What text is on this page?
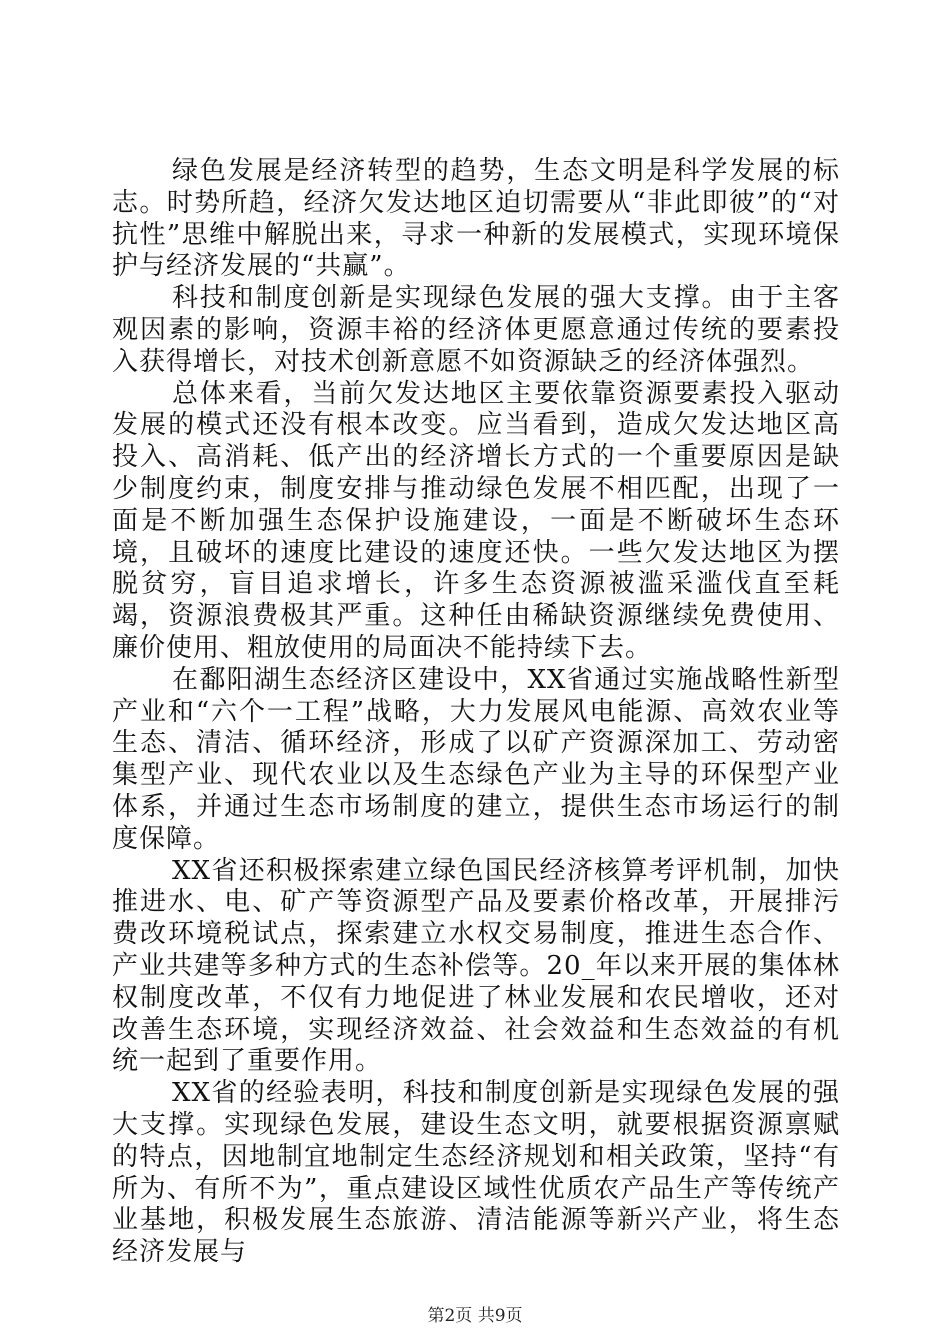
绿色发展是经济转型的趋势，生态文明是科学发展的标志。时势所趋，经济欠发达地区迫切需要从“非此即彼”的“对抗性”思维中解脱出来，寻求一种新的发展模式，实现环境保护与经济发展的“共赢”。

科技和制度创新是实现绿色发展的强大支撑。由于主客观因素的影响，资源丰裕的经济体更愿意通过传统的要素投入获得增长，对技术创新意愿不如资源缺乏的经济体强烈。

总体来看，当前欠发达地区主要依靠资源要素投入驱动发展的模式还没有根本改变。应当看到，造成欠发达地区高投入、高消耗、低产出的经济增长方式的一个重要原因是缺少制度约束，制度安排与推动绿色发展不相匹配，出现了一面是不断加强生态保护设施建设，一面是不断破坏生态环境，且破坏的速度比建设的速度还快。一些欠发达地区为摆脱贫穷，盲目追求增长，许多生态资源被滥采滥伐直至耗竭，资源浪费极其严重。这种任由稀缺资源继续免费使用、廉价使用、粗放使用的局面决不能持续下去。

在鄱阳湖生态经济区建设中，XX省通过实施战略性新型产业和“六个一工程”战略，大力发展风电能源、高效农业等生态、清洁、循环经济，形成了以矿产资源深加工、劳动密集型产业、现代农业以及生态绿色产业为主导的环保型产业体系，并通过生态市场制度的建立，提供生态市场运行的制度保障。

XX省还积极探索建立绿色国民经济核算考评机制，加快推进水、电、矿产等资源型产品及要素价格改革，开展排污费改环境税试点，探索建立水权交易制度，推进生态合作、产业共建等多种方式的生态补偿等。20_年以来开展的集体林权制度改革，不仅有力地促进了林业发展和农民增收，还对改善生态环境，实现经济效益、社会效益和生态效益的有机统一起到了重要作用。

XX省的经验表明，科技和制度创新是实现绿色发展的强大支撑。实现绿色发展，建设生态文明，就要根据资源禀赋的特点，因地制宜地制定生态经济规划和相关政策，坚持“有所为、有所不为”，重点建设区域性优质农产品生产等传统产业基地，积极发展生态旅游、清洁能源等新兴产业，将生态经济发展与

第2页 共9页
